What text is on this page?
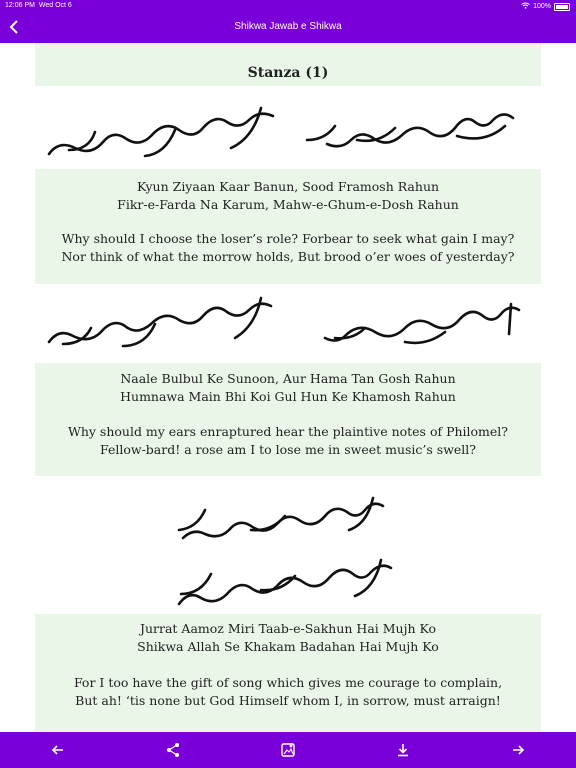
12:06 PM Wed Oct 6	100%
Shikwa Jawab e Shikwa
Stanza (1)
Kyun Ziyaan Kaar Banun, Sood Framosh Rahun
Fikr-e-Farda Na Karum, Mahw-e-Ghum-e-Dosh Rahun
Why should I choose the loser’s role? Forbear to seek what gain I may?
Nor think of what the morrow holds, But brood o’er woes of yesterday?
Naale Bulbul Ke Sunoon, Aur Hama Tan Gosh Rahun
Humnawa Main Bhi Koi Gul Hun Ke Khamosh Rahun
Why should my ears enraptured hear the plaintive notes of Philomel?
Fellow-bard! a rose am I to lose me in sweet music’s swell?
Jurrat Aamoz Miri Taab-e-Sakhun Hai Mujh Ko
Shikwa Allah Se Khakam Badahan Hai Mujh Ko
For I too have the gift of song which gives me courage to complain,
But ah! ‘tis none but God Himself whom I, in sorrow, must arraign!
